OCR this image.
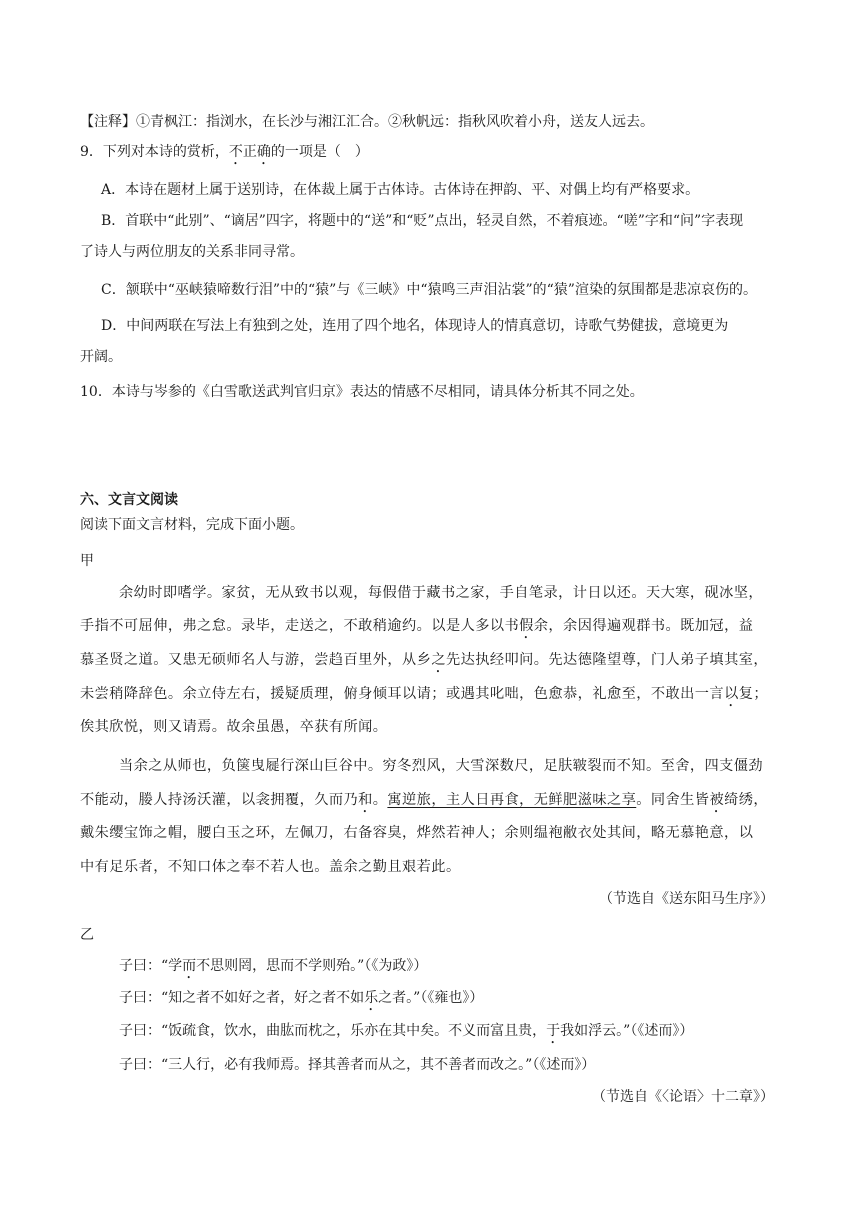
【注释】①青枫江：指浏水，在长沙与湘江汇合。②秋帆远：指秋风吹着小舟，送友人远去。
9．下列对本诗的赏析，不正确的一项是（　）
A．本诗在题材上属于送别诗，在体裁上属于古体诗。古体诗在押韵、平、对偶上均有严格要求。
B．首联中“此别”、“谪居”四字，将题中的“送”和“贬”点出，轻灵自然，不着痕迹。“嗟”字和“问”字表现
了诗人与两位朋友的关系非同寻常。
C．颔联中“巫峡猿啼数行泪”中的“猿”与《三峡》中“猿鸣三声泪沾裳”的“猿”渲染的氛围都是悲凉哀伤的。
D．中间两联在写法上有独到之处，连用了四个地名，体现诗人的情真意切，诗歌气势健拔，意境更为
开阔。
10．本诗与岑参的《白雪歌送武判官归京》表达的情感不尽相同，请具体分析其不同之处。
六、文言文阅读
阅读下面文言材料，完成下面小题。
甲
余幼时即嗜学。家贫，无从致书以观，每假借于藏书之家，手自笔录，计日以还。天大寒，砚冰坚，
手指不可屈伸，弗之怠。录毕，走送之，不敢稍逾约。以是人多以书假余，余因得遍观群书。既加冠，益
慕圣贤之道。又患无硕师名人与游，尝趋百里外，从乡之先达执经叩问。先达德隆望尊，门人弟子填其室，
未尝稍降辞色。余立侍左右，援疑质理，俯身倾耳以请；或遇其叱咄，色愈恭，礼愈至，不敢出一言以复；
俟其欣悦，则又请焉。故余虽愚，卒获有所闻。
当余之从师也，负箧曳屣行深山巨谷中。穷冬烈风，大雪深数尺，足肤皲裂而不知。至舍，四支僵劲
不能动，媵人持汤沃灌，以衾拥覆，久而乃和。寓逆旅，主人日再食，无鲜肥滋味之享。同舍生皆被绮绣，
戴朱缨宝饰之帽，腰白玉之环，左佩刀，右备容臭，烨然若神人；余则缊袍敝衣处其间，略无慕艳意，以
中有足乐者，不知口体之奉不若人也。盖余之勤且艰若此。
（节选自《送东阳马生序》）
乙
子曰：“学而不思则罔，思而不学则殆。”（《为政》）
子曰：“知之者不如好之者，好之者不如乐之者。”（《雍也》）
子曰：“饭疏食，饮水，曲肱而枕之，乐亦在其中矣。不义而富且贵，于我如浮云。”（《述而》）
子曰：“三人行，必有我师焉。择其善者而从之，其不善者而改之。”（《述而》）
（节选自《〈论语〉十二章》）
